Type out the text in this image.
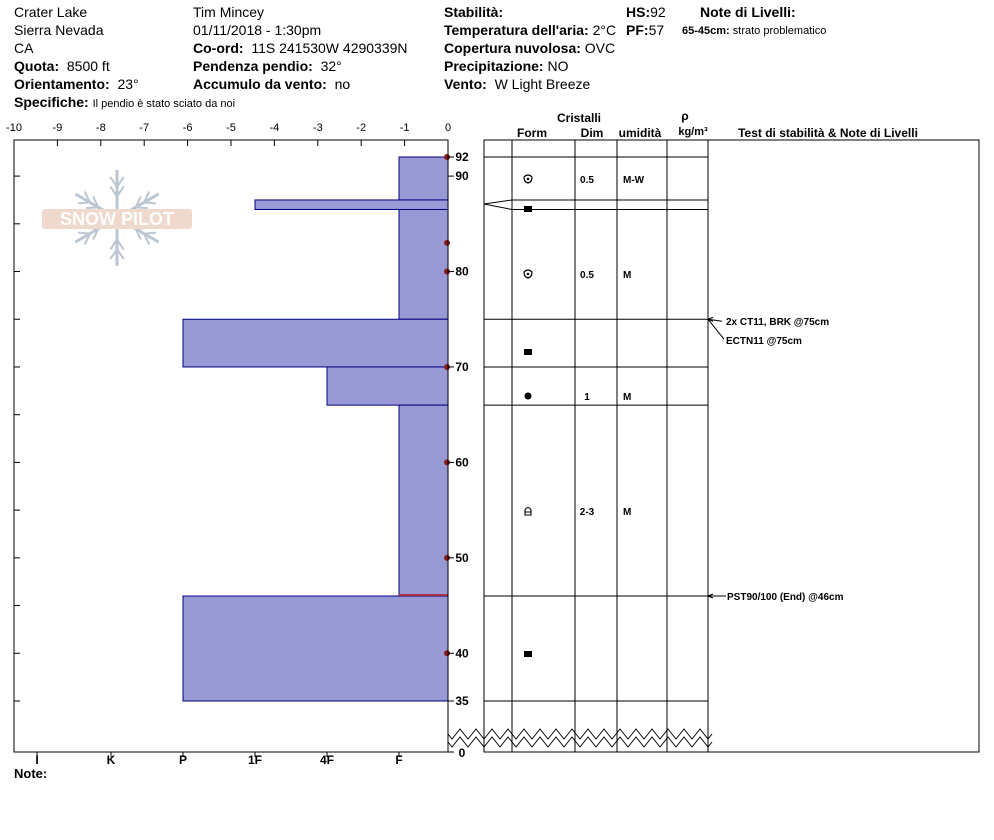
Crater Lake
Sierra Nevada
CA
Quota: 8500 ft
Orientamento: 23°
Specifiche: Il pendio è stato sciato da noi
Tim Mincey
01/11/2018 - 1:30pm
Co-ord: 11S 241530W 4290339N
Pendenza pendio: 32°
Accumulo da vento: no
Stabilità:
Temperatura dell'aria: 2°C
Copertura nuvolosa: OVC
Precipitazione: NO
Vento: W Light Breeze
HS:92
PF:57
Note di Livelli:
65-45cm: strato problematico
-10	-9	-8	-7	-6	-5	-4	-3	-2	-1	0
SNOW PILOT
I	K	P	1F	4F	F
Note:
92
90
80
70
60
50
40
35
0
Cristalli
Form	Dim umidità
ρ
kg/m³	Test di stabilità & Note di Livelli
0.5	M-W
0.5	M
1	M
2-3	M
2x CT11, BRK @75cm
ECTN11 @75cm
PST90/100 (End) @46cm
